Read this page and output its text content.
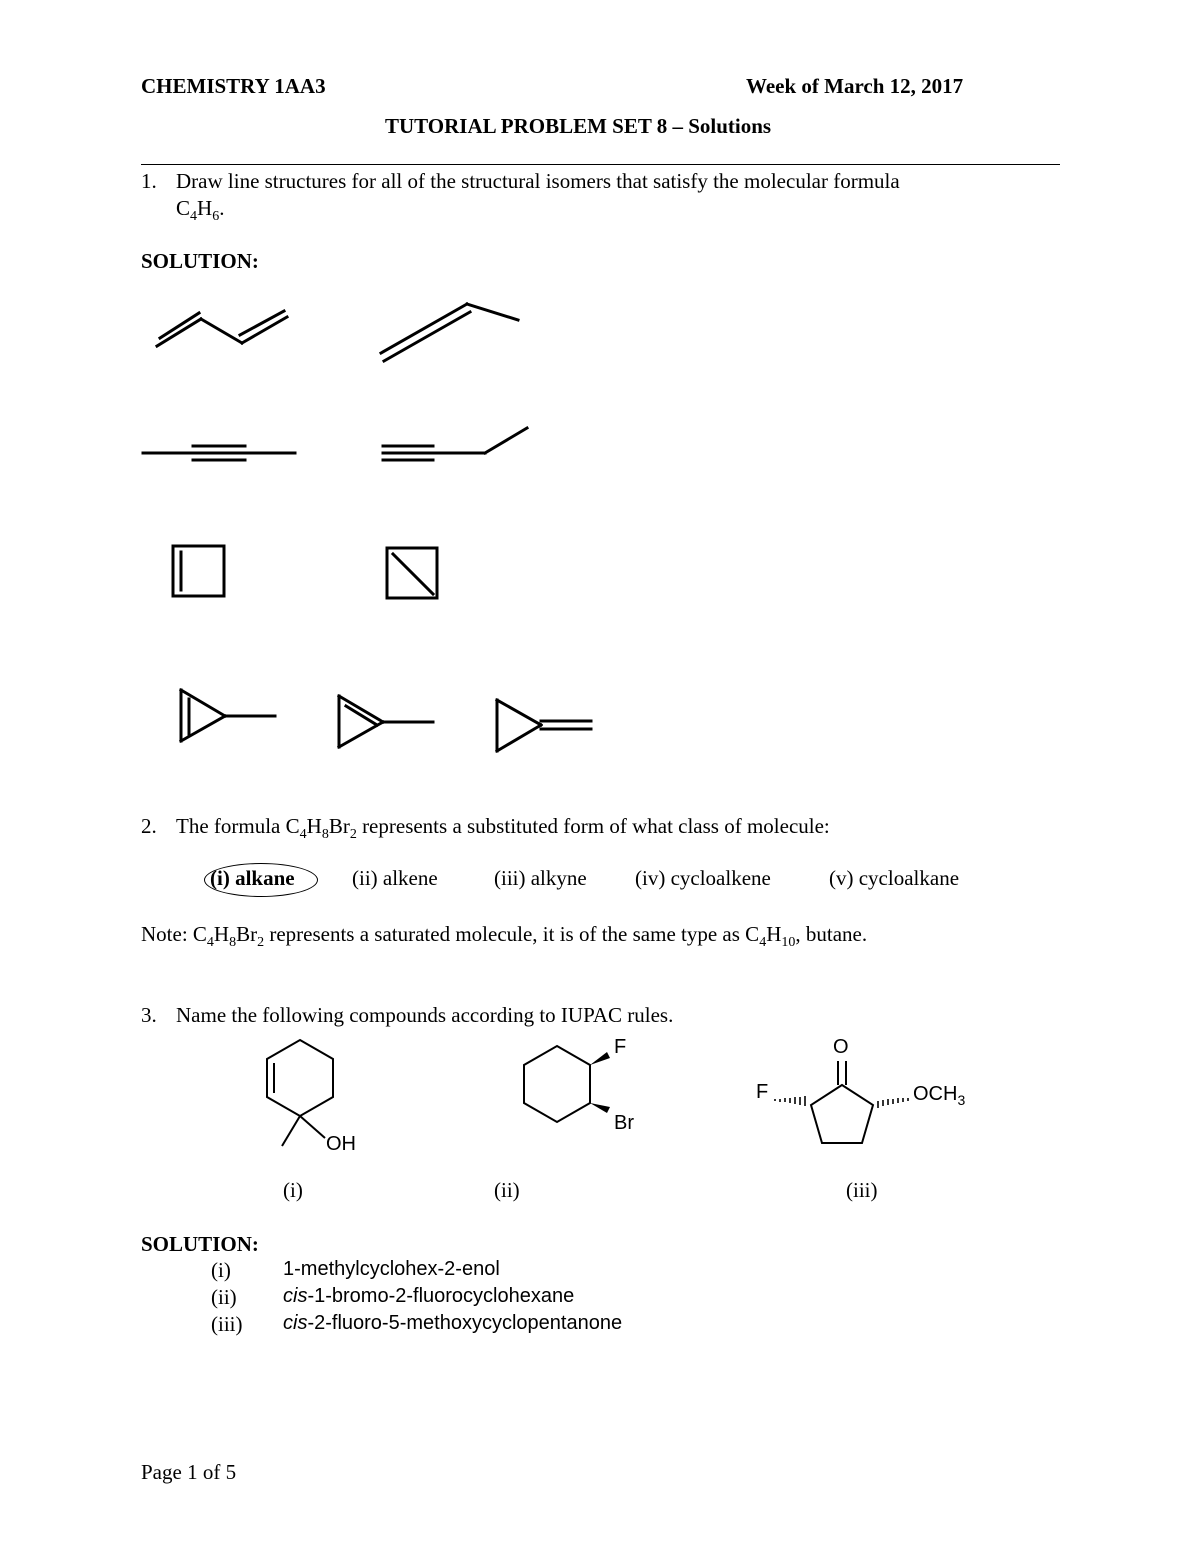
CHEMISTRY 1AA3	Week of March 12, 2017
TUTORIAL PROBLEM SET 8 – Solutions
1. Draw line structures for all of the structural isomers that satisfy the molecular formula
$C_4H_6$.
SOLUTION:
2. The formula $C_4H_8Br_2$ represents a substituted form of what class of molecule:
(i) alkane	(ii) alkene	(iii) alkyne (iv) cycloalkene	(v) cycloalkane
Note: $C_4H_8Br_2$ represents a saturated molecule, it is of the same type as $C_4H_{10}$, butane.
3. Name the following compounds according to IUPAC rules.
OH
F
Br
O
F	$OCH_3$
(i)	(ii)	(iii)
SOLUTION:
(i)	1-methylcyclohex-2-enol
(ii) cis-1-bromo-2-fluorocyclohexane
(iii) cis-2-fluoro-5-methoxycyclopentanone
Page 1 of 5
